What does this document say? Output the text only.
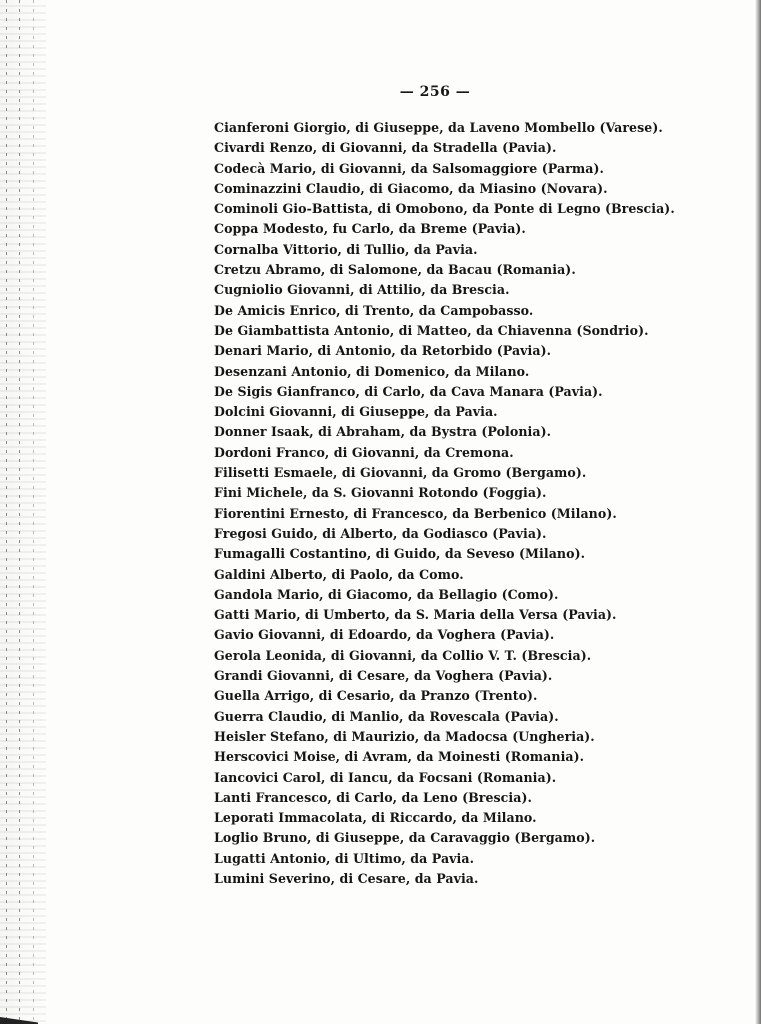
— 256 —
Cianferoni Giorgio, di Giuseppe, da Laveno Mombello (Varese).
Civardi Renzo, di Giovanni, da Stradella (Pavia).
Codecà Mario, di Giovanni, da Salsomaggiore (Parma).
Cominazzini Claudio, di Giacomo, da Miasino (Novara).
Cominoli Gio-Battista, di Omobono, da Ponte di Legno (Brescia).
Coppa Modesto, fu Carlo, da Breme (Pavia).
Cornalba Vittorio, di Tullio, da Pavia.
Cretzu Abramo, di Salomone, da Bacau (Romania).
Cugniolio Giovanni, di Attilio, da Brescia.
De Amicis Enrico, di Trento, da Campobasso.
De Giambattista Antonio, di Matteo, da Chiavenna (Sondrio).
Denari Mario, di Antonio, da Retorbido (Pavia).
Desenzani Antonio, di Domenico, da Milano.
De Sigis Gianfranco, di Carlo, da Cava Manara (Pavia).
Dolcini Giovanni, di Giuseppe, da Pavia.
Donner Isaak, di Abraham, da Bystra (Polonia).
Dordoni Franco, di Giovanni, da Cremona.
Filisetti Esmaele, di Giovanni, da Gromo (Bergamo).
Fini Michele, da S. Giovanni Rotondo (Foggia).
Fiorentini Ernesto, di Francesco, da Berbenico (Milano).
Fregosi Guido, di Alberto, da Godiasco (Pavia).
Fumagalli Costantino, di Guido, da Seveso (Milano).
Galdini Alberto, di Paolo, da Como.
Gandola Mario, di Giacomo, da Bellagio (Como).
Gatti Mario, di Umberto, da S. Maria della Versa (Pavia).
Gavio Giovanni, di Edoardo, da Voghera (Pavia).
Gerola Leonida, di Giovanni, da Collio V. T. (Brescia).
Grandi Giovanni, di Cesare, da Voghera (Pavia).
Guella Arrigo, di Cesario, da Pranzo (Trento).
Guerra Claudio, di Manlio, da Rovescala (Pavia).
Heisler Stefano, di Maurizio, da Madocsa (Ungheria).
Herscovici Moise, di Avram, da Moinesti (Romania).
Iancovici Carol, di Iancu, da Focsani (Romania).
Lanti Francesco, di Carlo, da Leno (Brescia).
Leporati Immacolata, di Riccardo, da Milano.
Loglio Bruno, di Giuseppe, da Caravaggio (Bergamo).
Lugatti Antonio, di Ultimo, da Pavia.
Lumini Severino, di Cesare, da Pavia.
